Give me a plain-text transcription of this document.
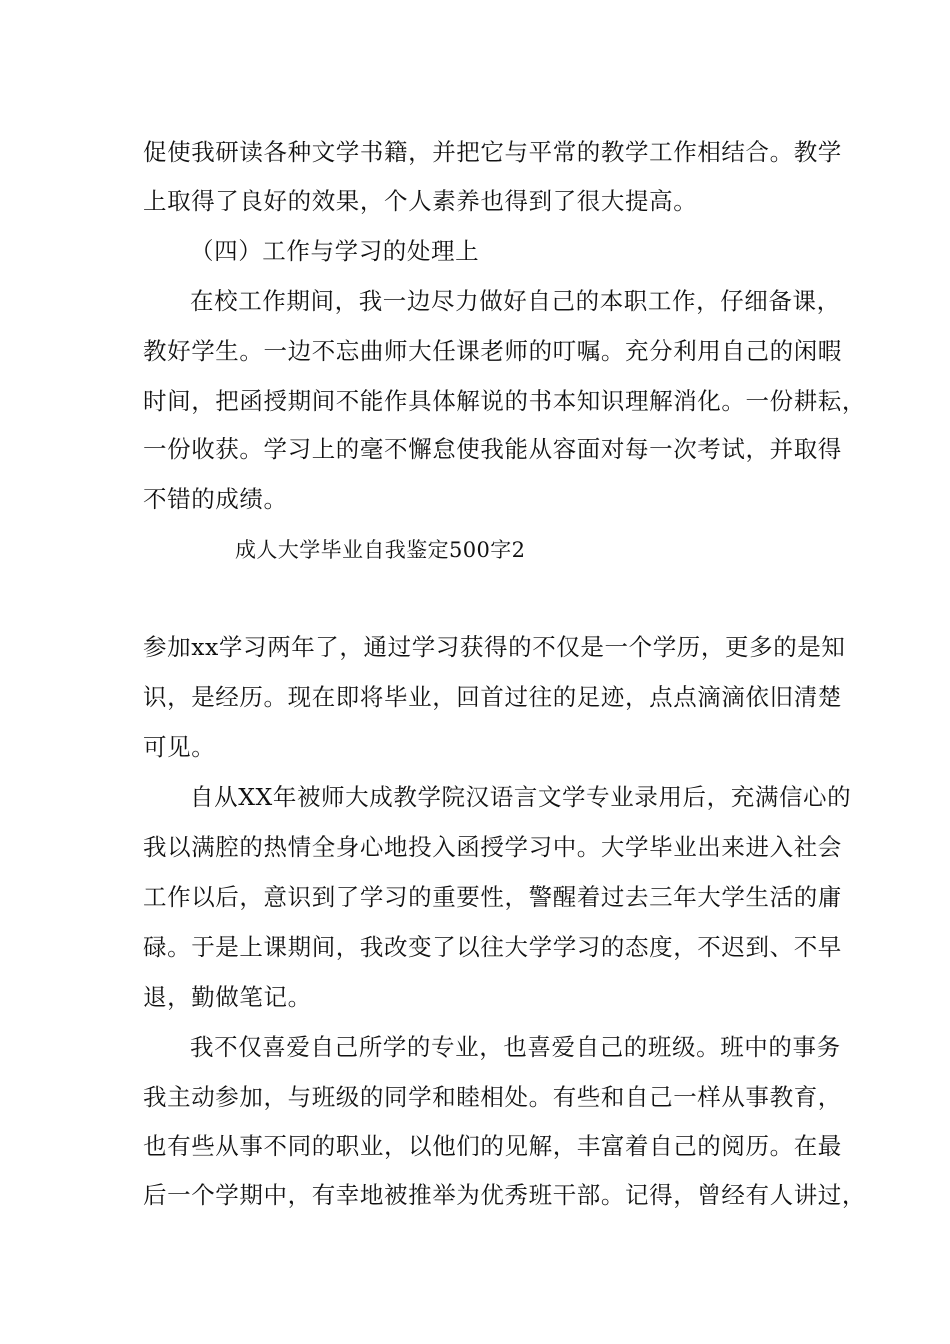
促使我研读各种文学书籍，并把它与平常的教学工作相结合。教学
上取得了良好的效果，个人素养也得到了很大提高。
（四）工作与学习的处理上
在校工作期间，我一边尽力做好自己的本职工作，仔细备课，
教好学生。一边不忘曲师大任课老师的叮嘱。充分利用自己的闲暇
时间，把函授期间不能作具体解说的书本知识理解消化。一份耕耘，
一份收获。学习上的毫不懈怠使我能从容面对每一次考试，并取得
不错的成绩。
成人大学毕业自我鉴定500字2
参加xx学习两年了，通过学习获得的不仅是一个学历，更多的是知
识，是经历。现在即将毕业，回首过往的足迹，点点滴滴依旧清楚
可见。
自从XX年被师大成教学院汉语言文学专业录用后，充满信心的
我以满腔的热情全身心地投入函授学习中。大学毕业出来进入社会
工作以后，意识到了学习的重要性，警醒着过去三年大学生活的庸
碌。于是上课期间，我改变了以往大学学习的态度，不迟到、不早
退，勤做笔记。
我不仅喜爱自己所学的专业，也喜爱自己的班级。班中的事务
我主动参加，与班级的同学和睦相处。有些和自己一样从事教育，
也有些从事不同的职业，以他们的见解，丰富着自己的阅历。在最
后一个学期中，有幸地被推举为优秀班干部。记得，曾经有人讲过，
